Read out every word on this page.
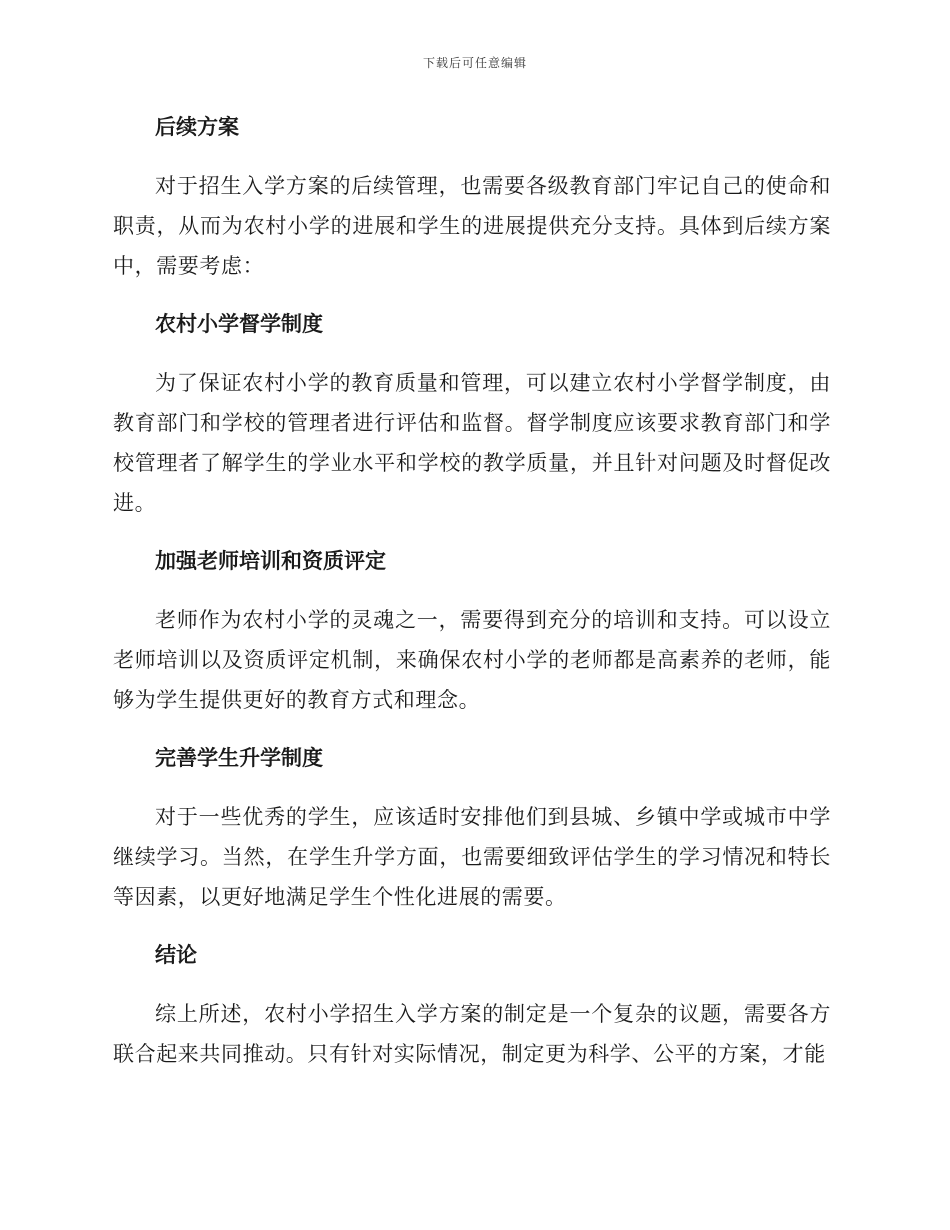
下载后可任意编辑
后续方案

对于招生入学方案的后续管理，也需要各级教育部门牢记自己的使命和职责，从而为农村小学的进展和学生的进展提供充分支持。具体到后续方案中，需要考虑：

农村小学督学制度

为了保证农村小学的教育质量和管理，可以建立农村小学督学制度，由教育部门和学校的管理者进行评估和监督。督学制度应该要求教育部门和学校管理者了解学生的学业水平和学校的教学质量，并且针对问题及时督促改进。

加强老师培训和资质评定

老师作为农村小学的灵魂之一，需要得到充分的培训和支持。可以设立老师培训以及资质评定机制，来确保农村小学的老师都是高素养的老师，能够为学生提供更好的教育方式和理念。

完善学生升学制度

对于一些优秀的学生，应该适时安排他们到县城、乡镇中学或城市中学继续学习。当然，在学生升学方面，也需要细致评估学生的学习情况和特长等因素，以更好地满足学生个性化进展的需要。

结论

综上所述，农村小学招生入学方案的制定是一个复杂的议题，需要各方联合起来共同推动。只有针对实际情况，制定更为科学、公平的方案，才能
